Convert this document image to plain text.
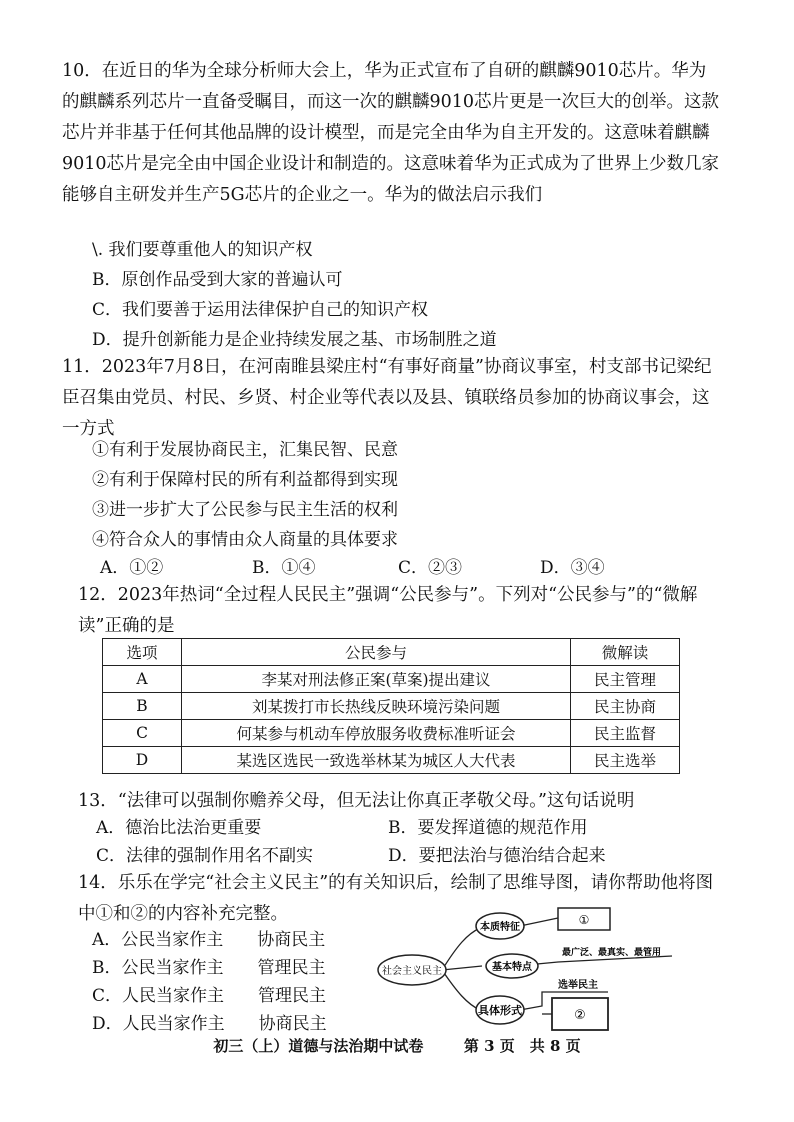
10．在近日的华为全球分析师大会上，华为正式宣布了自研的麒麟9010芯片。华为的麒麟系列芯片一直备受瞩目，而这一次的麒麟9010芯片更是一次巨大的创举。这款芯片并非基于任何其他品牌的设计模型，而是完全由华为自主开发的。这意味着麒麟9010芯片是完全由中国企业设计和制造的。这意味着华为正式成为了世界上少数几家能够自主研发并生产5G芯片的企业之一。华为的做法启示我们

\. 我们要尊重他人的知识产权
B．原创作品受到大家的普遍认可
C．我们要善于运用法律保护自己的知识产权
D．提升创新能力是企业持续发展之基、市场制胜之道

11．2023年7月8日，在河南睢县梁庄村“有事好商量”协商议事室，村支部书记梁纪臣召集由党员、村民、乡贤、村企业等代表以及县、镇联络员参加的协商议事会，这一方式

①有利于发展协商民主，汇集民智、民意
②有利于保障村民的所有利益都得到实现
③进一步扩大了公民参与民主生活的权利
④符合众人的事情由众人商量的具体要求
A．①②	B．①④	C．②③	D．③④

12．2023年热词“全过程人民民主”强调“公民参与”。下列对“公民参与”的“微解读”正确的是

选项	公民参与	微解读
A	李某对刑法修正案(草案)提出建议	民主管理
B	刘某拨打市长热线反映环境污染问题	民主协商
C	何某参与机动车停放服务收费标准听证会	民主监督
D	某选区选民一致选举林某为城区人大代表	民主选举

13．“法律可以强制你赡养父母，但无法让你真正孝敬父母。”这句话说明

A．德治比法治更重要	B．要发挥道德的规范作用
C．法律的强制作用名不副实	D．要把法治与德治结合起来

14．乐乐在学完“社会主义民主”的有关知识后，绘制了思维导图，请你帮助他将图中①和②的内容补充完整。

A．公民当家作主 协商民主
B．公民当家作主 管理民主
C．人民当家作主 管理民主
D．人民当家作主 协商民主
社会主义民主
本质特征
①
基本特点
最广泛、最真实、最管用
具体形式
选举民主
②
初三（上）道德与法治期中试卷	第 3 页　共 8 页
